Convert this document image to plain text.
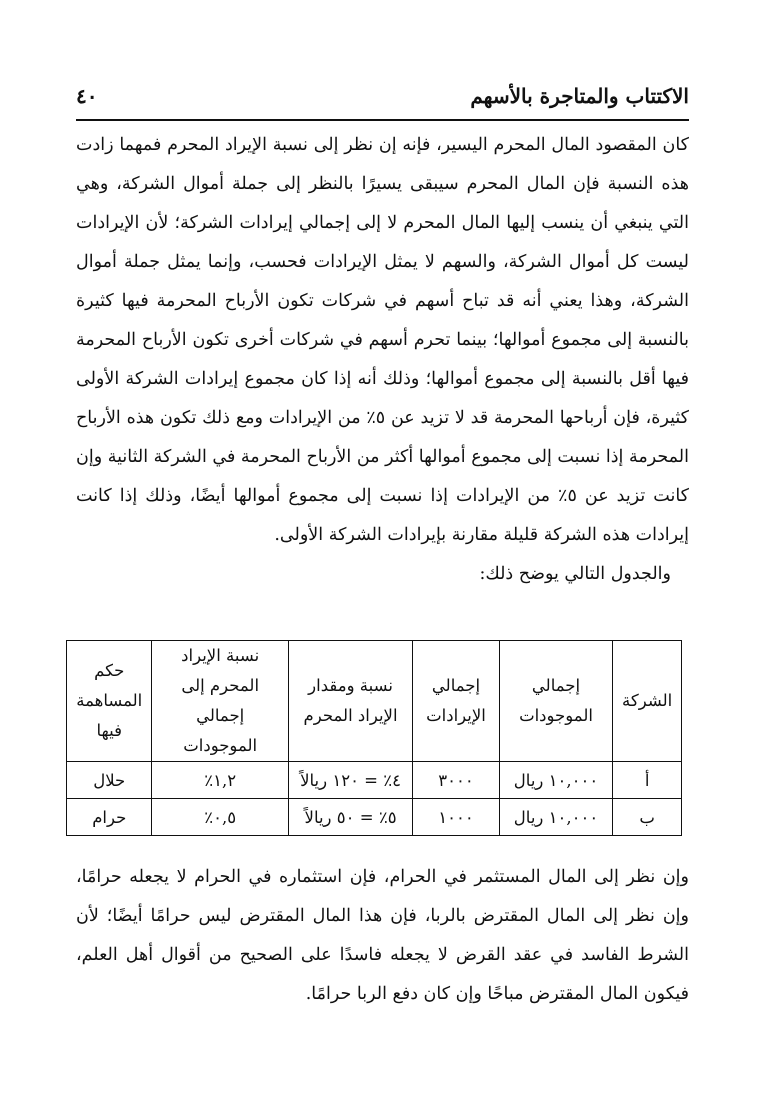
الاكتتاب والمتاجرة بالأسهم
٤٠

كان المقصود المال المحرم اليسير، فإنه إن نظر إلى نسبة الإيراد المحرم فمهما زادت هذه النسبة فإن المال المحرم سيبقى يسيرًا بالنظر إلى جملة أموال الشركة، وهي التي ينبغي أن ينسب إليها المال المحرم لا إلى إجمالي إيرادات الشركة؛ لأن الإيرادات ليست كل أموال الشركة، والسهم لا يمثل الإيرادات فحسب، وإنما يمثل جملة أموال الشركة، وهذا يعني أنه قد تباح أسهم في شركات تكون الأرباح المحرمة فيها كثيرة بالنسبة إلى مجموع أموالها؛ بينما تحرم أسهم في شركات أخرى تكون الأرباح المحرمة فيها أقل بالنسبة إلى مجموع أموالها؛ وذلك أنه إذا كان مجموع إيرادات الشركة الأولى كثيرة، فإن أرباحها المحرمة قد لا تزيد عن ٥٪ من الإيرادات ومع ذلك تكون هذه الأرباح المحرمة إذا نسبت إلى مجموع أموالها أكثر من الأرباح المحرمة في الشركة الثانية وإن كانت تزيد عن ٥٪ من الإيرادات إذا نسبت إلى مجموع أموالها أيضًا، وذلك إذا كانت إيرادات هذه الشركة قليلة مقارنة بإيرادات الشركة الأولى.

والجدول التالي يوضح ذلك:

الشركة	إجمالي الموجودات	إجمالي الإيرادات	نسبة ومقدار الإيراد المحرم	نسبة الإيراد المحرم إلى إجمالي الموجودات	حكم المساهمة فيها
أ	١٠,٠٠٠ ريال	٣٠٠٠	٤٪ = ١٢٠ ريالاً	١,٢٪	حلال
ب	١٠,٠٠٠ ريال	١٠٠٠	٥٪ = ٥٠ ريالاً	٠,٥٪	حرام

وإن نظر إلى المال المستثمر في الحرام، فإن استثماره في الحرام لا يجعله حرامًا، وإن نظر إلى المال المقترض بالربا، فإن هذا المال المقترض ليس حرامًا أيضًا؛ لأن الشرط الفاسد في عقد القرض لا يجعله فاسدًا على الصحيح من أقوال أهل العلم، فيكون المال المقترض مباحًا وإن كان دفع الربا حرامًا.
